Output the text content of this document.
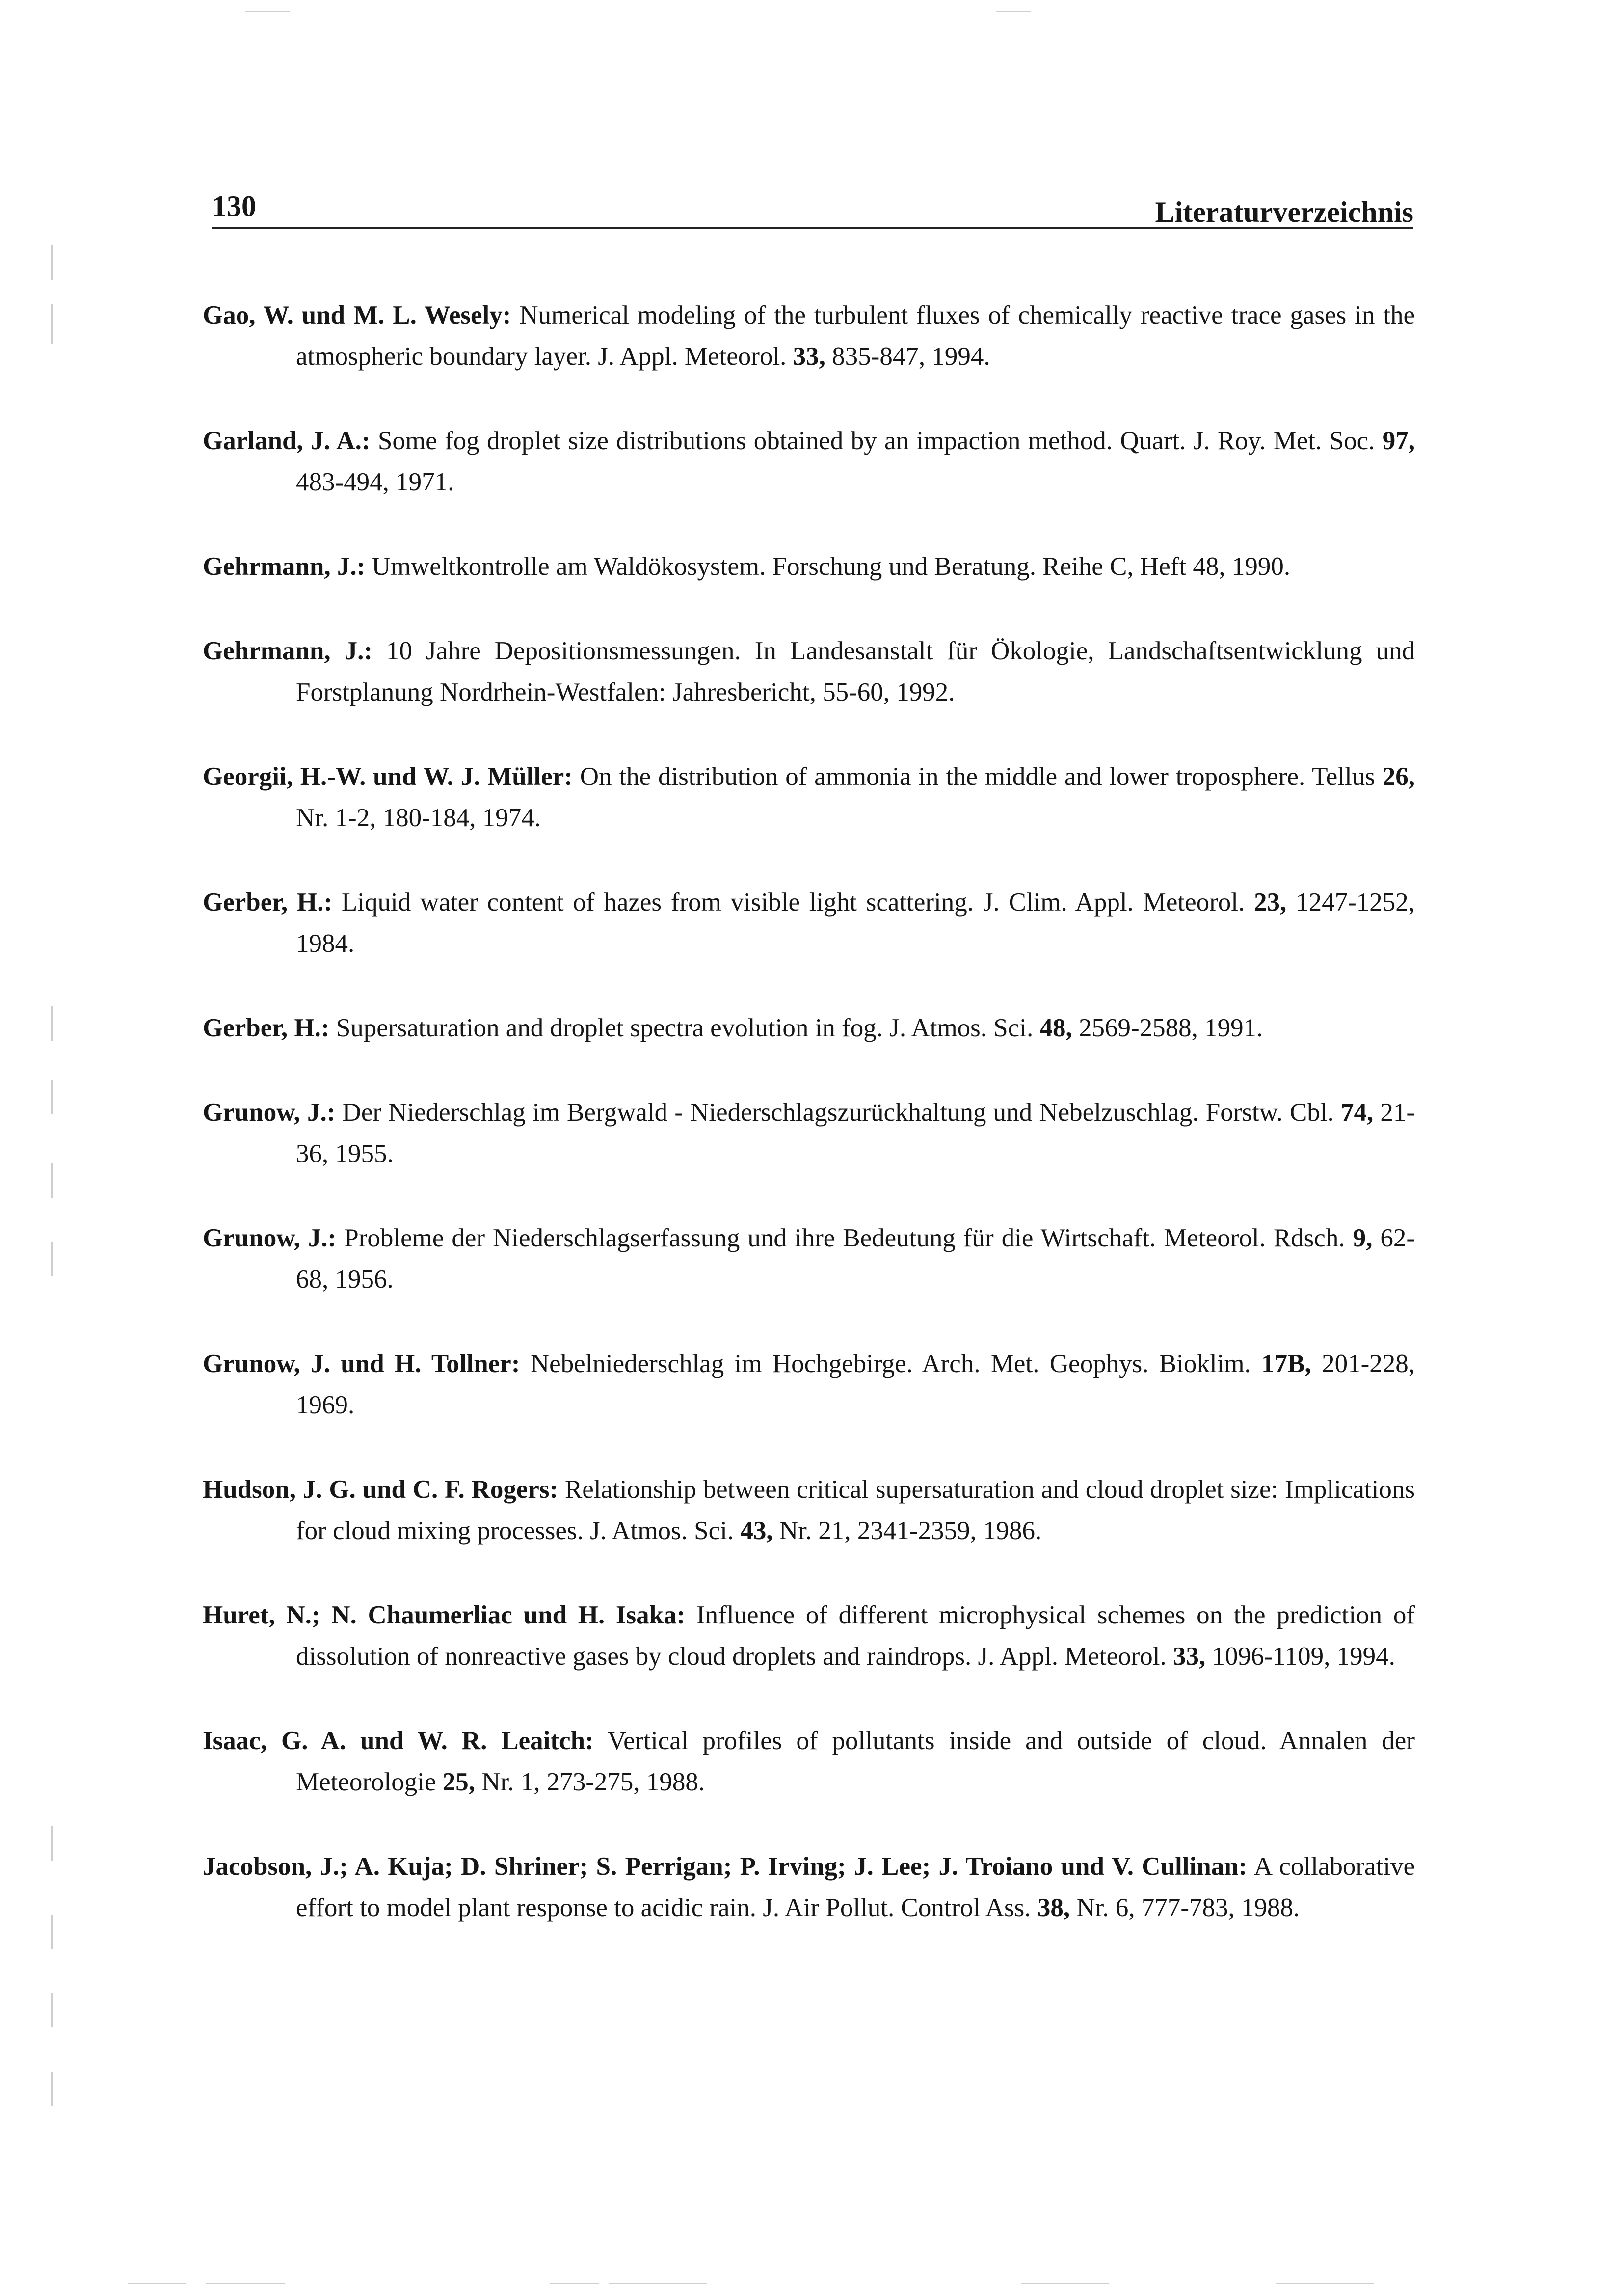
130	Literaturverzeichnis
Gao, W. und M. L. Wesely: Numerical modeling of the turbulent fluxes of chemically reactive trace gases in the atmospheric boundary layer. J. Appl. Meteorol. 33, 835-847, 1994.
Garland, J. A.: Some fog droplet size distributions obtained by an impaction method. Quart. J. Roy. Met. Soc. 97, 483-494, 1971.
Gehrmann, J.: Umweltkontrolle am Waldökosystem. Forschung und Beratung. Reihe C, Heft 48, 1990.
Gehrmann, J.: 10 Jahre Depositionsmessungen. In Landesanstalt für Ökologie, Landschaftsentwicklung und Forstplanung Nordrhein-Westfalen: Jahresbericht, 55-60, 1992.
Georgii, H.-W. und W. J. Müller: On the distribution of ammonia in the middle and lower troposphere. Tellus 26, Nr. 1-2, 180-184, 1974.
Gerber, H.: Liquid water content of hazes from visible light scattering. J. Clim. Appl. Meteorol. 23, 1247-1252, 1984.
Gerber, H.: Supersaturation and droplet spectra evolution in fog. J. Atmos. Sci. 48, 2569-2588, 1991.
Grunow, J.: Der Niederschlag im Bergwald - Niederschlagszurückhaltung und Nebelzuschlag. Forstw. Cbl. 74, 21-36, 1955.
Grunow, J.: Probleme der Niederschlagserfassung und ihre Bedeutung für die Wirtschaft. Meteorol. Rdsch. 9, 62-68, 1956.
Grunow, J. und H. Tollner: Nebelniederschlag im Hochgebirge. Arch. Met. Geophys. Bioklim. 17B, 201-228, 1969.
Hudson, J. G. und C. F. Rogers: Relationship between critical supersaturation and cloud droplet size: Implications for cloud mixing processes. J. Atmos. Sci. 43, Nr. 21, 2341-2359, 1986.
Huret, N.; N. Chaumerliac und H. Isaka: Influence of different microphysical schemes on the prediction of dissolution of nonreactive gases by cloud droplets and raindrops. J. Appl. Meteorol. 33, 1096-1109, 1994.
Isaac, G. A. und W. R. Leaitch: Vertical profiles of pollutants inside and outside of cloud. Annalen der Meteorologie 25, Nr. 1, 273-275, 1988.
Jacobson, J.; A. Kuja; D. Shriner; S. Perrigan; P. Irving; J. Lee; J. Troiano und V. Cullinan: A collaborative effort to model plant response to acidic rain. J. Air Pollut. Control Ass. 38, Nr. 6, 777-783, 1988.
